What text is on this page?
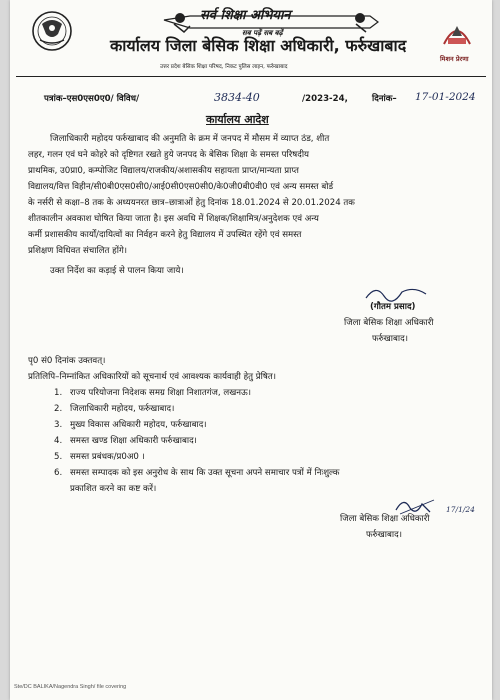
सर्व शिक्षा अभियान
सब पढ़ें सब बढ़ें
कार्यालय जिला बेसिक शिक्षा अधिकारी, फर्रुखाबाद
उत्तर प्रदेश बेसिक शिक्षा परिषद, निकट पुलिस लाइन, फर्रुखाबाद
मिशन प्रेरणा
पत्रांक–एस0एस0ए0/ विविध/	3834-40	/2023-24,	दिनांक– 17-01-2024
कार्यालय आदेश
जिलाधिकारी महोदय फर्रुखाबाद की अनुमति के क्रम में जनपद में मौसम में व्याप्त ठंड, शीत
लहर, गलन एवं घने कोहरे को दृष्टिगत रखते हुये जनपद के बेसिक शिक्षा के समस्त परिषदीय
प्राथमिक, उ0प्रा0, कम्पोजिट विद्यालय/राजकीय/अशासकीय सहायता प्राप्त/मान्यता प्राप्त
विद्यालय/वित्त विहीन/सी0बी0एस0सी0/आई0सी0एस0सी0/के0जी0बी0वी0 एवं अन्य समस्त बोर्ड
के नर्सरी से कक्षा–8 तक के अध्ययनरत छात्र–छात्राओं हेतु दिनांक 18.01.2024 से 20.01.2024 तक
शीतकालीन अवकाश घोषित किया जाता है। इस अवधि में शिक्षक/शिक्षामित्र/अनुदेशक एवं अन्य
कर्मी प्रशासकीय कार्यों/दायित्वों का निर्वहन करने हेतु विद्यालय में उपस्थित रहेंगे एवं समस्त
प्रशिक्षण विधिवत संचालित होंगे।
उक्त निर्देश का कड़ाई से पालन किया जाये।
(गौतम प्रसाद)
जिला बेसिक शिक्षा अधिकारी
फर्रुखाबाद।
पृ0 सं0 दिनांक उक्तवत्।
प्रतिलिपि–निम्नांकित अधिकारियों को सूचनार्थ एवं आवश्यक कार्यवाही हेतु प्रेषित।
1. राज्य परियोजना निदेशक समग्र शिक्षा निशातगंज, लखनऊ।
2. जिलाधिकारी महोदय, फर्रुखाबाद।
3. मुख्य विकास अधिकारी महोदय, फर्रुखाबाद।
4. समस्त खण्ड शिक्षा अधिकारी फर्रुखाबाद।
5. समस्त प्रबंधक/प्र0अ0 ।
6. समस्त सम्पादक को इस अनुरोध के साथ कि उक्त सूचना अपने समाचार पत्रों में निःशुल्क
प्रकाशित करने का कष्ट करें।
17/1/24
जिला बेसिक शिक्षा अधिकारी
फर्रुखाबाद।
Ste/DC BALIKA/Nagendra Singh/ file covering
